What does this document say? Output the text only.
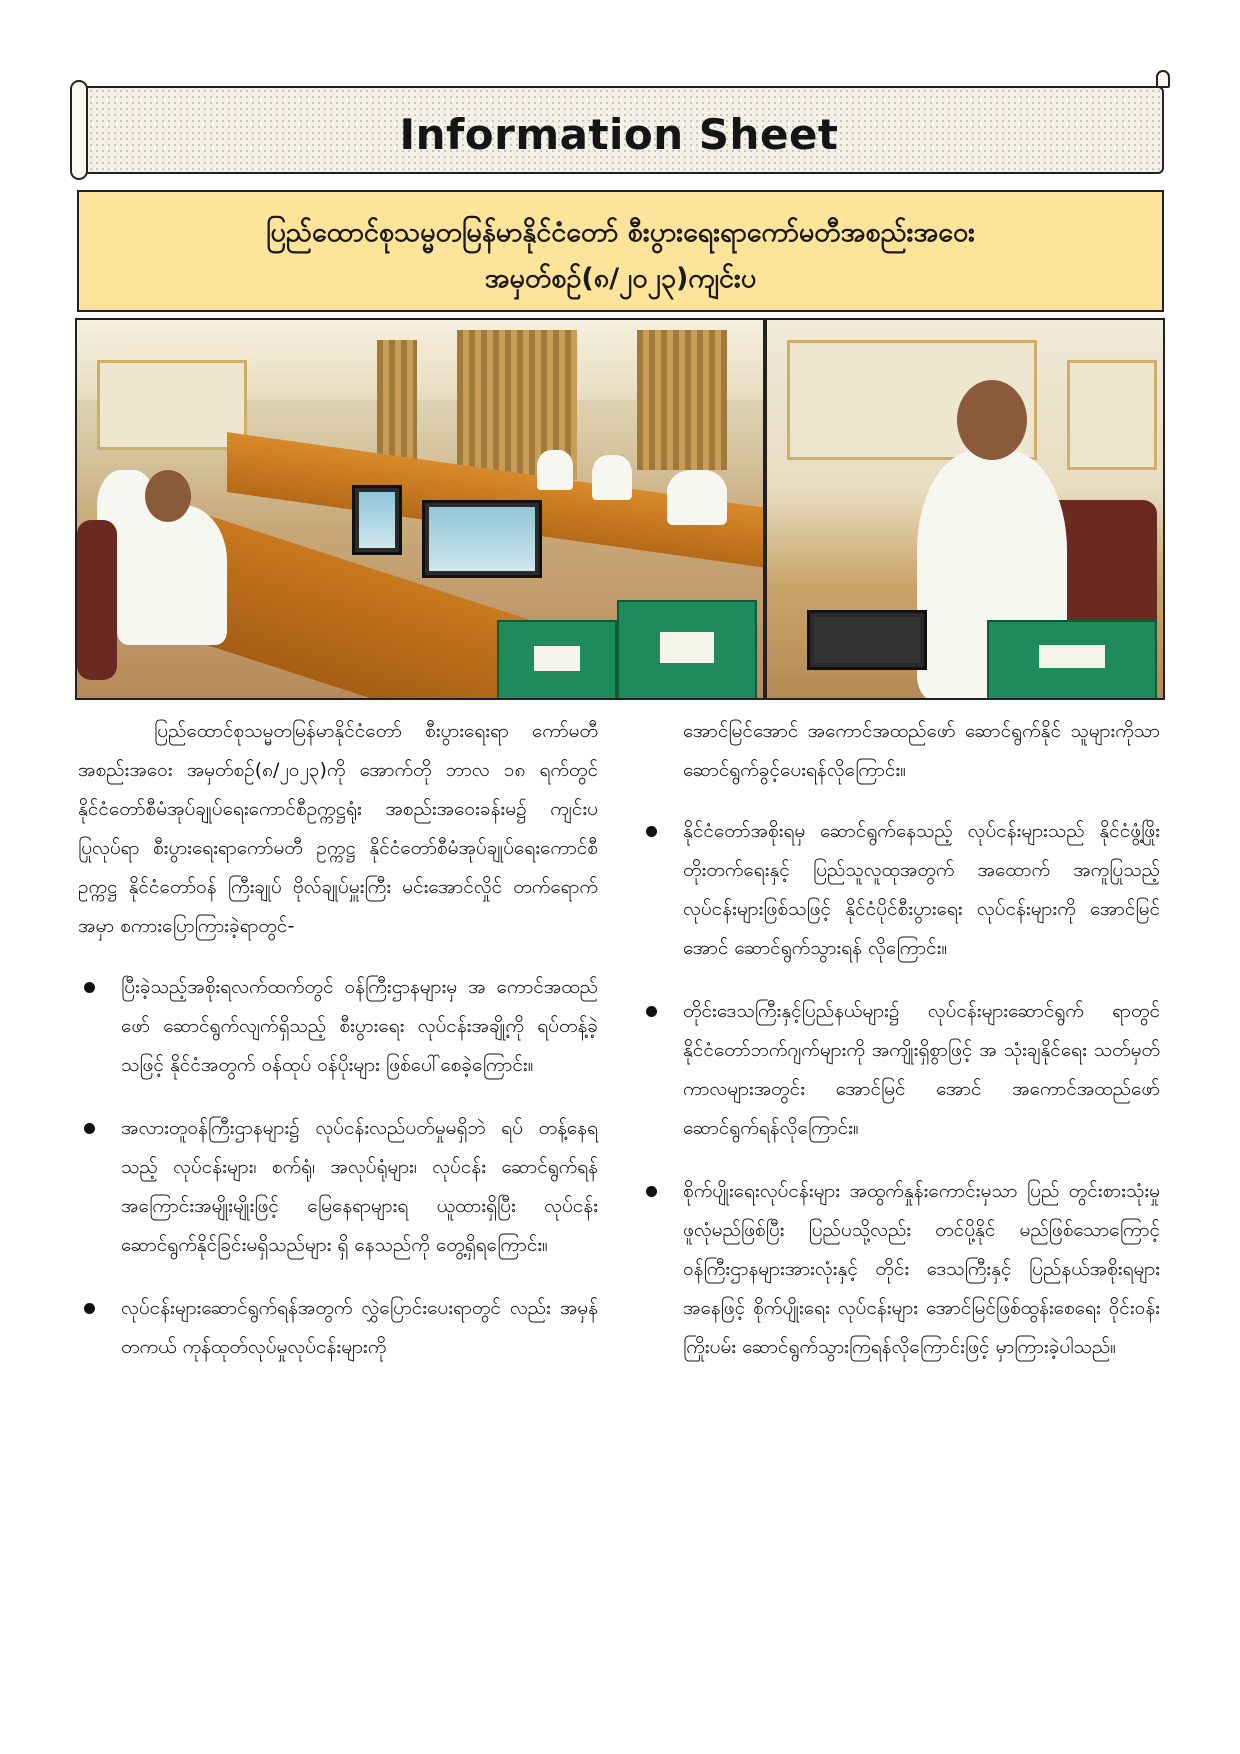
Information Sheet
ပြည်ထောင်စုသမ္မတမြန်မာနိုင်ငံတော် စီးပွားရေးရာကော်မတီအစည်းအဝေး
အမှတ်စဉ်(၈/၂၀၂၃)ကျင်းပ

ပြည်ထောင်စုသမ္မတမြန်မာနိုင်ငံတော် စီးပွားရေးရာ ကော်မတီအစည်းအဝေး အမှတ်စဉ်(၈/၂၀၂၃)ကို အောက်တို ဘာလ ၁၈ ရက်တွင် နိုင်ငံတော်စီမံအုပ်ချုပ်ရေးကောင်စီဥက္ကဋ္ဌရုံး အစည်းအဝေးခန်းမ၌ ကျင်းပပြုလုပ်ရာ စီးပွားရေးရာကော်မတီ ဥက္ကဋ္ဌ နိုင်ငံတော်စီမံအုပ်ချုပ်ရေးကောင်စီဥက္ကဋ္ဌ နိုင်ငံတော်ဝန် ကြီးချုပ် ဗိုလ်ချုပ်မှူးကြီး မင်းအောင်လှိုင် တက်ရောက်အမှာ စကားပြောကြားခဲ့ရာတွင်-

ပြီးခဲ့သည့်အစိုးရလက်ထက်တွင် ဝန်ကြီးဌာနများမှ အ ကောင်အထည်ဖော် ဆောင်ရွက်လျက်ရှိသည့် စီးပွားရေး လုပ်ငန်းအချို့ကို ရပ်တန့်ခဲ့သဖြင့် နိုင်ငံအတွက် ဝန်ထုပ် ဝန်ပိုးများ ဖြစ်ပေါ်စေခဲ့ကြောင်း။
အလားတူဝန်ကြီးဌာနများ၌ လုပ်ငန်းလည်ပတ်မှုမရှိဘဲ ရပ် တန့်နေရသည့် လုပ်ငန်းများ၊ စက်ရုံ၊ အလုပ်ရုံများ၊ လုပ်ငန်း ဆောင်ရွက်ရန် အကြောင်းအမျိုးမျိုးဖြင့် မြေနေရာများရ ယူထားရှိပြီး လုပ်ငန်းဆောင်ရွက်နိုင်ခြင်းမရှိသည်များ ရှိ နေသည်ကို တွေ့ရှိရကြောင်း။
လုပ်ငန်းများဆောင်ရွက်ရန်အတွက် လွှဲပြောင်းပေးရာတွင် လည်း အမှန်တကယ် ကုန်ထုတ်လုပ်မှုလုပ်ငန်းများကို

အောင်မြင်အောင် အကောင်အထည်ဖော် ဆောင်ရွက်နိုင် သူများကိုသာ ဆောင်ရွက်ခွင့်ပေးရန်လိုကြောင်း။

နိုင်ငံတော်အစိုးရမှ ဆောင်ရွက်နေသည့် လုပ်ငန်းများသည် နိုင်ငံဖွံ့ဖြိုးတိုးတက်ရေးနှင့် ပြည်သူလူထုအတွက် အထောက် အကူပြုသည့် လုပ်ငန်းများဖြစ်သဖြင့် နိုင်ငံပိုင်စီးပွားရေး လုပ်ငန်းများကို အောင်မြင်အောင် ဆောင်ရွက်သွားရန် လိုကြောင်း။
တိုင်းဒေသကြီးနှင့်ပြည်နယ်များ၌ လုပ်ငန်းများဆောင်ရွက် ရာတွင် နိုင်ငံတော်ဘက်ဂျက်များကို အကျိုးရှိစွာဖြင့် အ သုံးချနိုင်ရေး သတ်မှတ်ကာလများအတွင်း အောင်မြင် အောင် အကောင်အထည်ဖော် ဆောင်ရွက်ရန်လိုကြောင်း။
စိုက်ပျိုးရေးလုပ်ငန်းများ အထွက်နှုန်းကောင်းမှသာ ပြည် တွင်းစားသုံးမှုဖူလုံမည်ဖြစ်ပြီး ပြည်ပသို့လည်း တင်ပို့နိုင် မည်ဖြစ်သောကြောင့် ဝန်ကြီးဌာနများအားလုံးနှင့် တိုင်း ဒေသကြီးနှင့် ပြည်နယ်အစိုးရများအနေဖြင့် စိုက်ပျိုးရေး လုပ်ငန်းများ အောင်မြင်ဖြစ်ထွန်းစေရေး ဝိုင်းဝန်းကြိုးပမ်း ဆောင်ရွက်သွားကြရန်လိုကြောင်းဖြင့် မှာကြားခဲ့ပါသည်။
